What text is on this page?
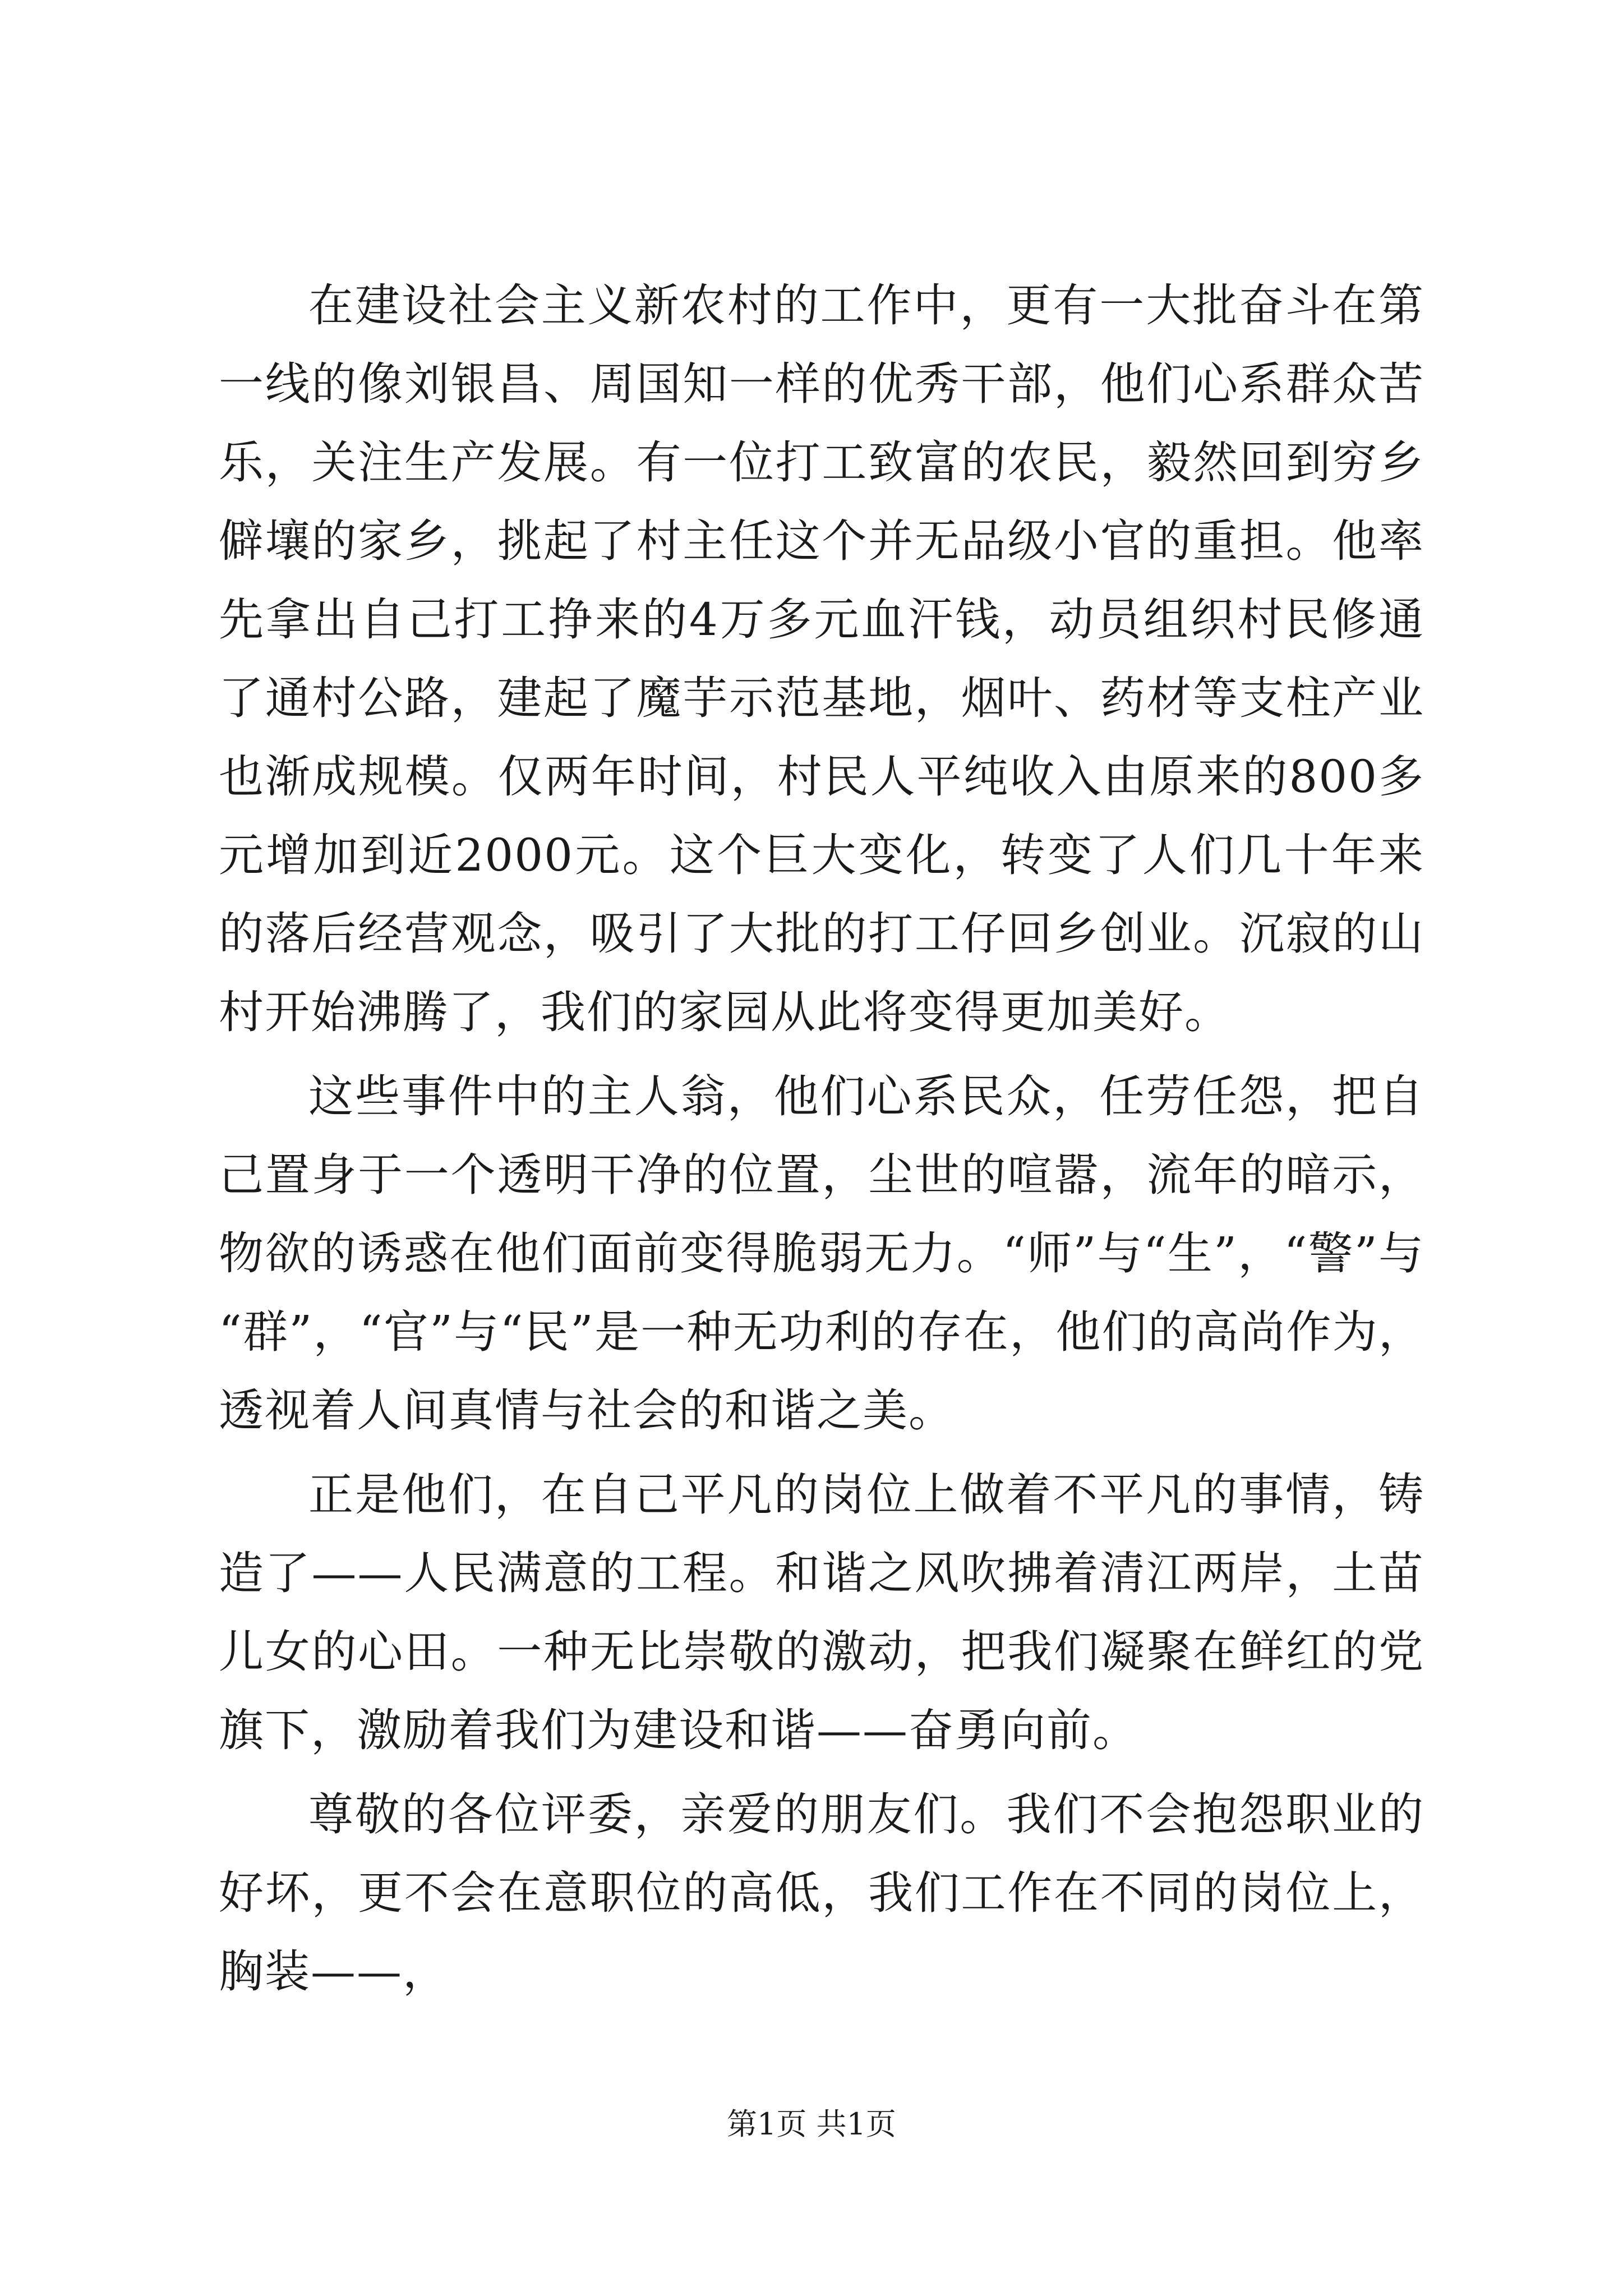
在建设社会主义新农村的工作中，更有一大批奋斗在第一线的像刘银昌、周国知一样的优秀干部，他们心系群众苦乐，关注生产发展。有一位打工致富的农民，毅然回到穷乡僻壤的家乡，挑起了村主任这个并无品级小官的重担。他率先拿出自己打工挣来的4万多元血汗钱，动员组织村民修通了通村公路，建起了魔芋示范基地，烟叶、药材等支柱产业也渐成规模。仅两年时间，村民人平纯收入由原来的800多元增加到近2000元。这个巨大变化，转变了人们几十年来的落后经营观念，吸引了大批的打工仔回乡创业。沉寂的山村开始沸腾了，我们的家园从此将变得更加美好。

这些事件中的主人翁，他们心系民众，任劳任怨，把自己置身于一个透明干净的位置，尘世的喧嚣，流年的暗示，物欲的诱惑在他们面前变得脆弱无力。“师”与“生”，“警”与“群”，“官”与“民”是一种无功利的存在，他们的高尚作为，透视着人间真情与社会的和谐之美。

正是他们，在自己平凡的岗位上做着不平凡的事情，铸造了——人民满意的工程。和谐之风吹拂着清江两岸，土苗儿女的心田。一种无比崇敬的激动，把我们凝聚在鲜红的党旗下，激励着我们为建设和谐——奋勇向前。

尊敬的各位评委，亲爱的朋友们。我们不会抱怨职业的好坏，更不会在意职位的高低，我们工作在不同的岗位上，胸装——，

第1页 共1页
